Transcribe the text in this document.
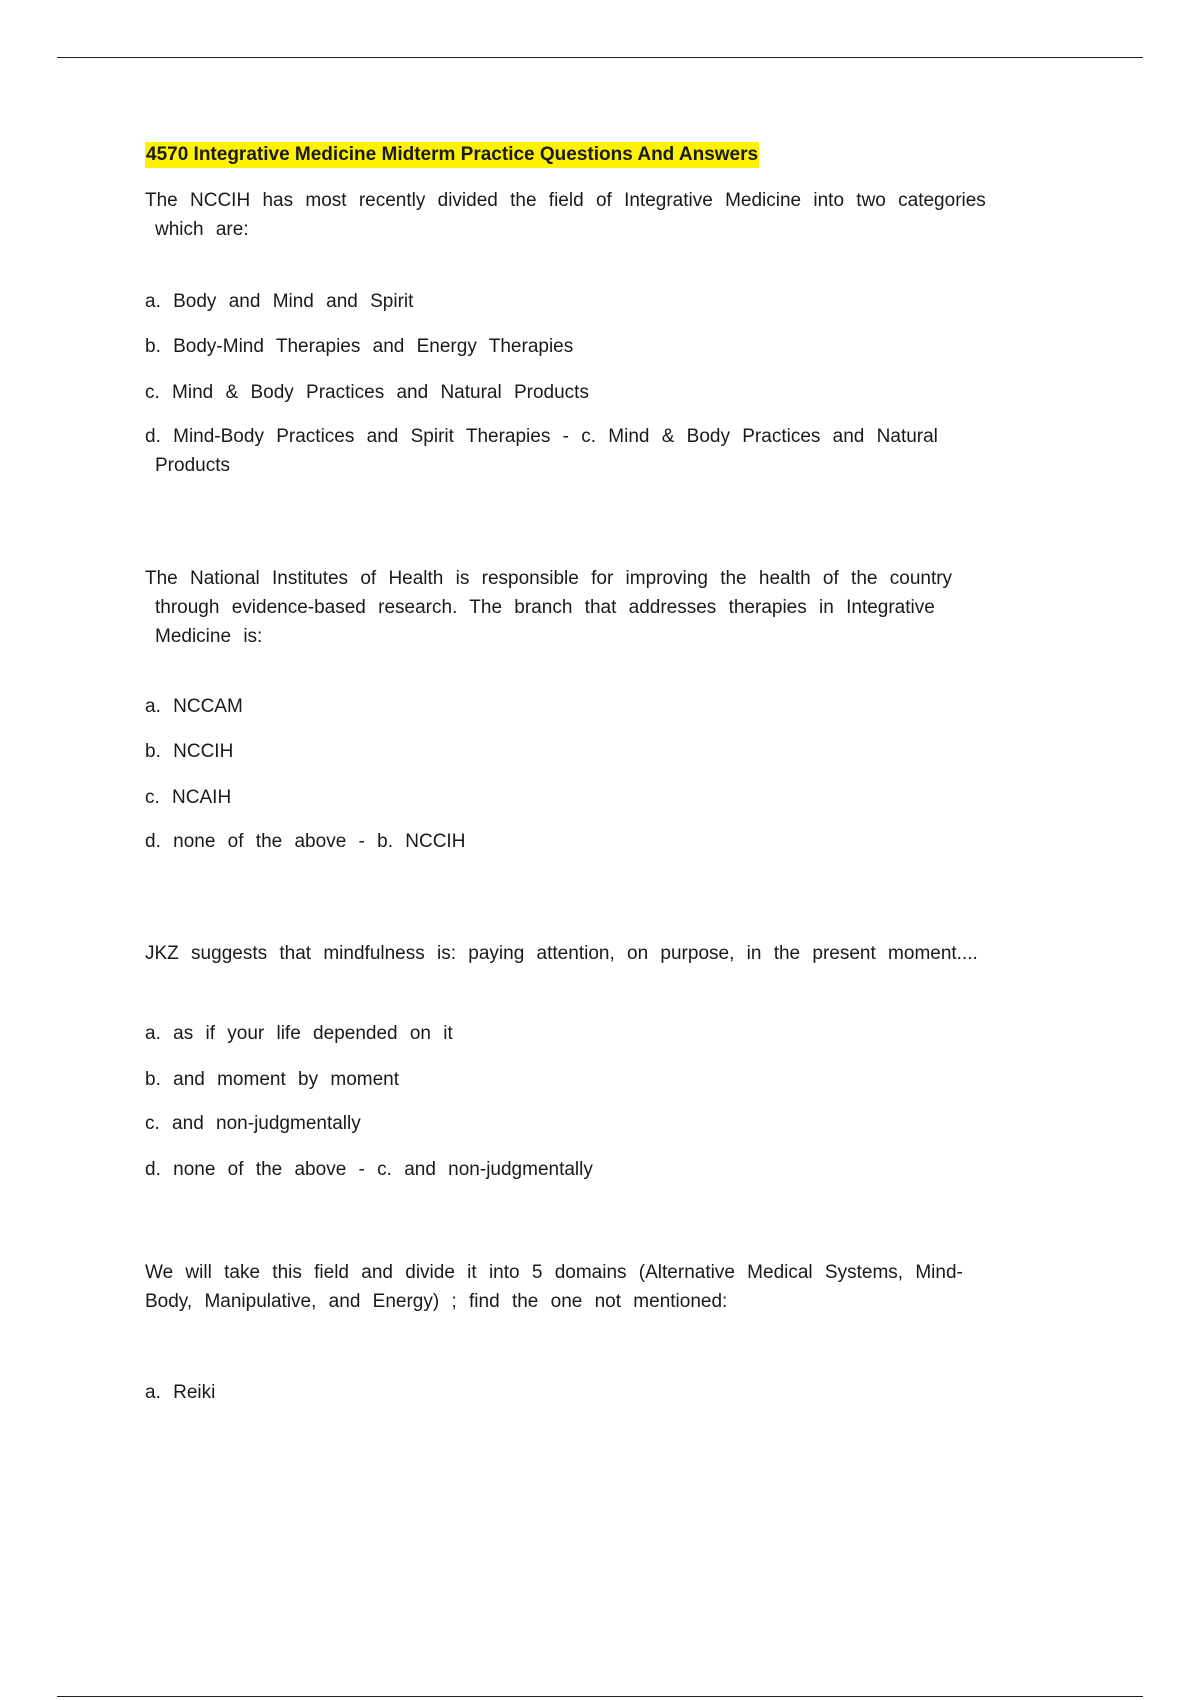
4570 Integrative Medicine Midterm Practice Questions And Answers

The NCCIH has most recently divided the field of Integrative Medicine into two categories
which are:

a. Body and Mind and Spirit

b. Body-Mind Therapies and Energy Therapies

c. Mind & Body Practices and Natural Products

d. Mind-Body Practices and Spirit Therapies - c. Mind & Body Practices and Natural
Products

The National Institutes of Health is responsible for improving the health of the country
through evidence-based research. The branch that addresses therapies in Integrative
Medicine is:

a. NCCAM

b. NCCIH

c. NCAIH

d. none of the above - b. NCCIH

JKZ suggests that mindfulness is: paying attention, on purpose, in the present moment....

a. as if your life depended on it

b. and moment by moment

c. and non-judgmentally

d. none of the above - c. and non-judgmentally

We will take this field and divide it into 5 domains (Alternative Medical Systems, Mind-
Body, Manipulative, and Energy) ; find the one not mentioned:

a. Reiki
